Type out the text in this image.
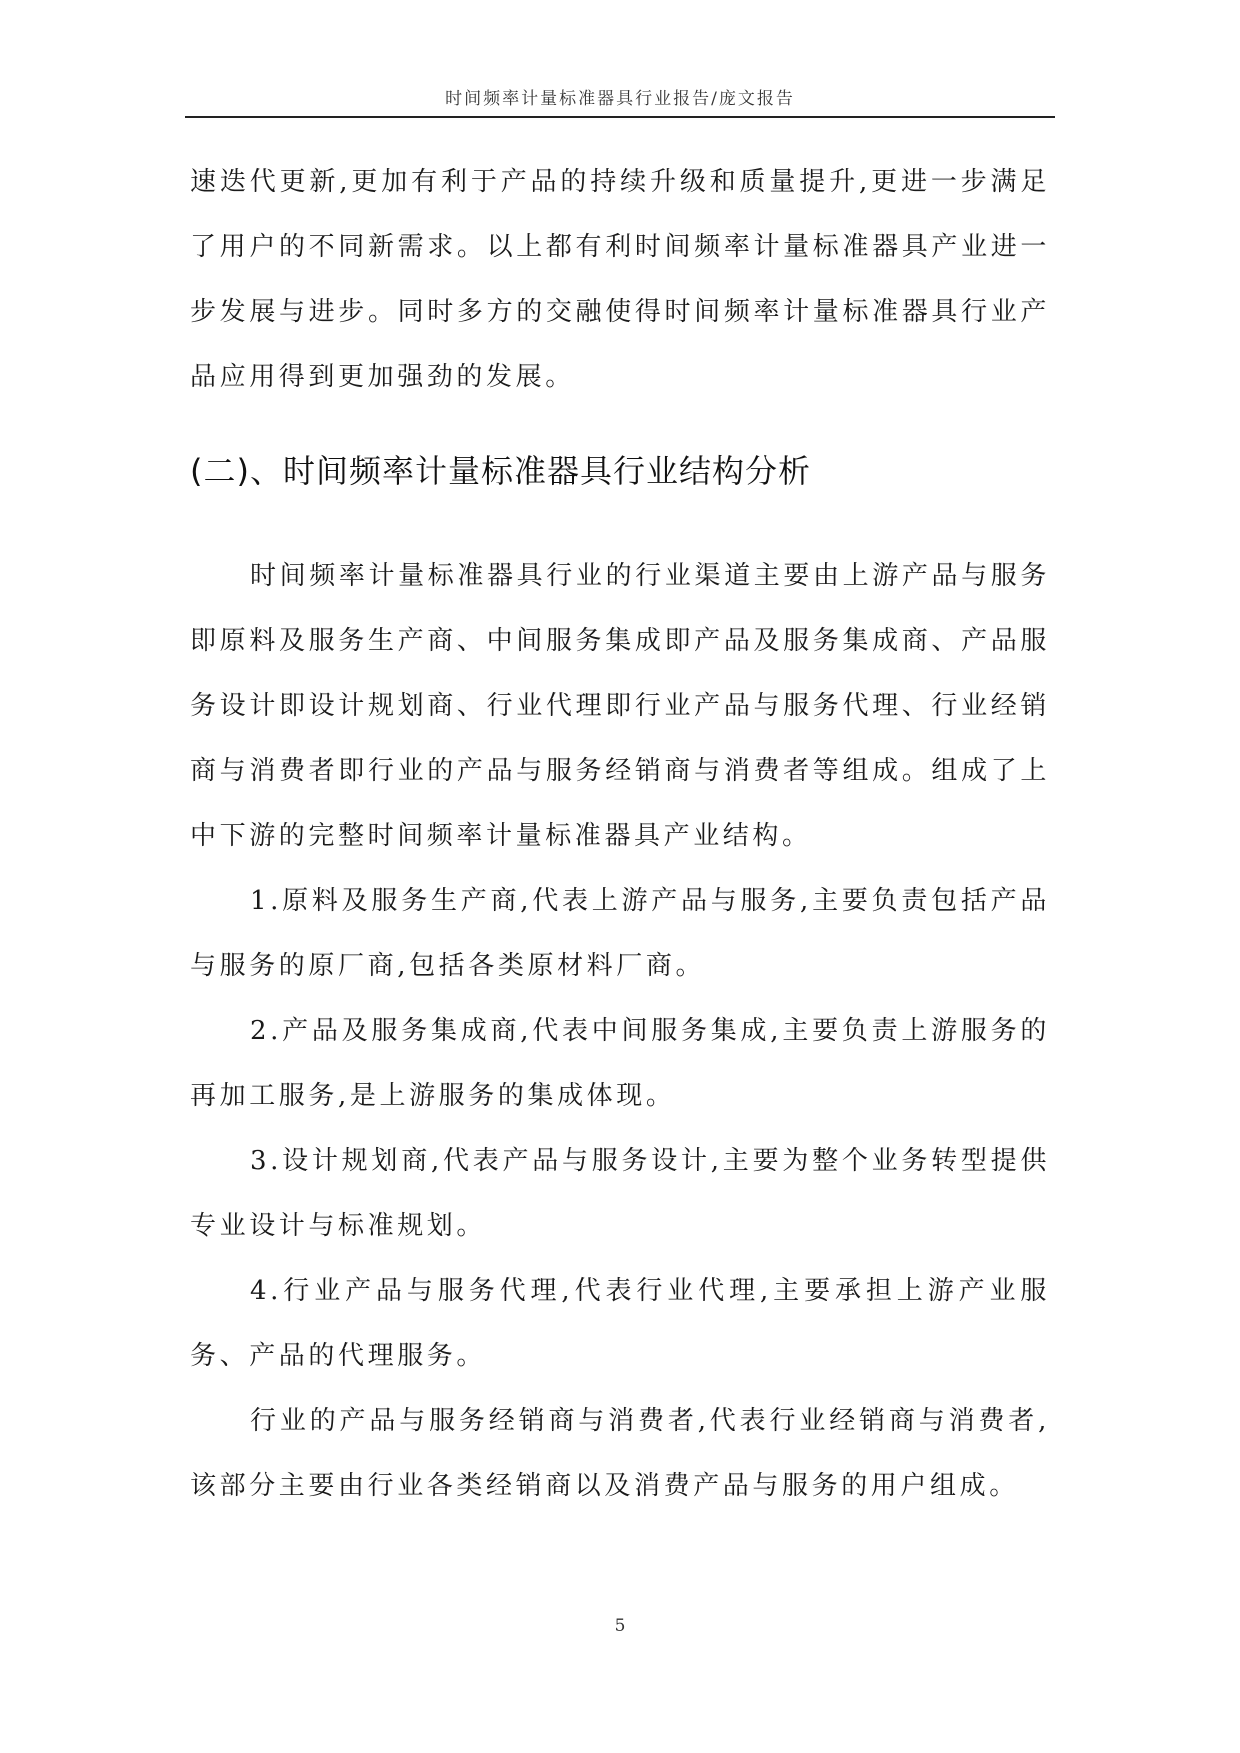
时间频率计量标准器具行业报告/庞文报告

速迭代更新,更加有利于产品的持续升级和质量提升,更进一步满足了用户的不同新需求。以上都有利时间频率计量标准器具产业进一步发展与进步。同时多方的交融使得时间频率计量标准器具行业产品应用得到更加强劲的发展。

(二)、时间频率计量标准器具行业结构分析

时间频率计量标准器具行业的行业渠道主要由上游产品与服务即原料及服务生产商、中间服务集成即产品及服务集成商、产品服务设计即设计规划商、行业代理即行业产品与服务代理、行业经销商与消费者即行业的产品与服务经销商与消费者等组成。组成了上中下游的完整时间频率计量标准器具产业结构。

1.原料及服务生产商,代表上游产品与服务,主要负责包括产品与服务的原厂商,包括各类原材料厂商。

2.产品及服务集成商,代表中间服务集成,主要负责上游服务的再加工服务,是上游服务的集成体现。

3.设计规划商,代表产品与服务设计,主要为整个业务转型提供专业设计与标准规划。

4.行业产品与服务代理,代表行业代理,主要承担上游产业服务、产品的代理服务。

行业的产品与服务经销商与消费者,代表行业经销商与消费者,该部分主要由行业各类经销商以及消费产品与服务的用户组成。

5
